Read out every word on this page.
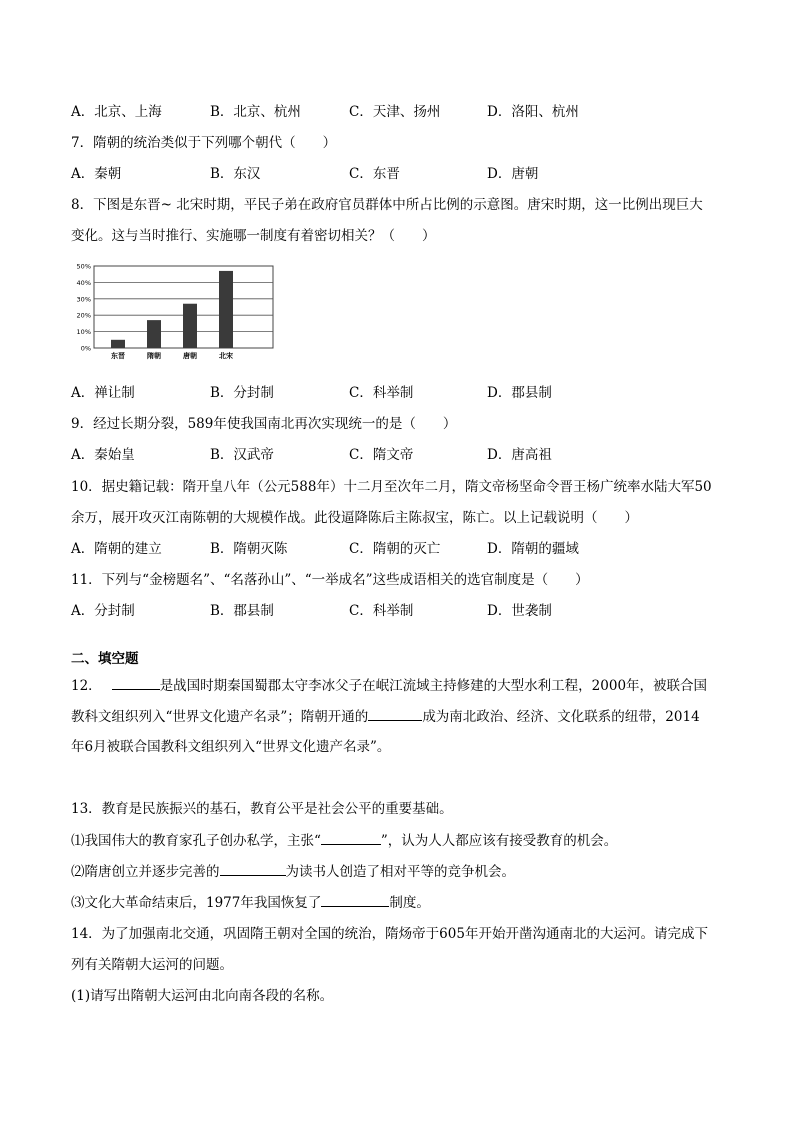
A．北京、上海	B．北京、杭州	C．天津、扬州	D．洛阳、杭州
7．隋朝的统治类似于下列哪个朝代（　　）
A．秦朝	B．东汉	C．东晋	D．唐朝
8．下图是东晋~ 北宋时期，平民子弟在政府官员群体中所占比例的示意图。唐宋时期，这一比例出现巨大
变化。这与当时推行、实施哪一制度有着密切相关？（　　）
0%
10%
20%
30%
40%
50%
东晋	隋朝	唐朝	北宋
A．禅让制	B．分封制	C．科举制	D．郡县制
9．经过长期分裂，589年使我国南北再次实现统一的是（　　）
A．秦始皇	B．汉武帝	C．隋文帝	D．唐高祖
10．据史籍记载：隋开皇八年（公元588年）十二月至次年二月，隋文帝杨坚命令晋王杨广统率水陆大军50
余万，展开攻灭江南陈朝的大规模作战。此役逼降陈后主陈叔宝，陈亡。以上记载说明（　　）
A．隋朝的建立	B．隋朝灭陈	C．隋朝的灭亡	D．隋朝的疆域
11．下列与“金榜题名”、“名落孙山”、“一举成名”这些成语相关的选官制度是（　　）
A．分封制	B．郡县制	C．科举制	D．世袭制
二、填空题
12．	是战国时期秦国蜀郡太守李冰父子在岷江流域主持修建的大型水利工程，2000年，被联合国
教科文组织列入“世界文化遗产名录”；隋朝开通的	成为南北政治、经济、文化联系的纽带，2014
年6月被联合国教科文组织列入“世界文化遗产名录”。
13．教育是民族振兴的基石，教育公平是社会公平的重要基础。
⑴我国伟大的教育家孔子创办私学，主张“	”，认为人人都应该有接受教育的机会。
⑵隋唐创立并逐步完善的	为读书人创造了相对平等的竞争机会。
⑶文化大革命结束后，1977年我国恢复了	制度。
14．为了加强南北交通，巩固隋王朝对全国的统治，隋炀帝于605年开始开凿沟通南北的大运河。请完成下
列有关隋朝大运河的问题。
(1)请写出隋朝大运河由北向南各段的名称。
